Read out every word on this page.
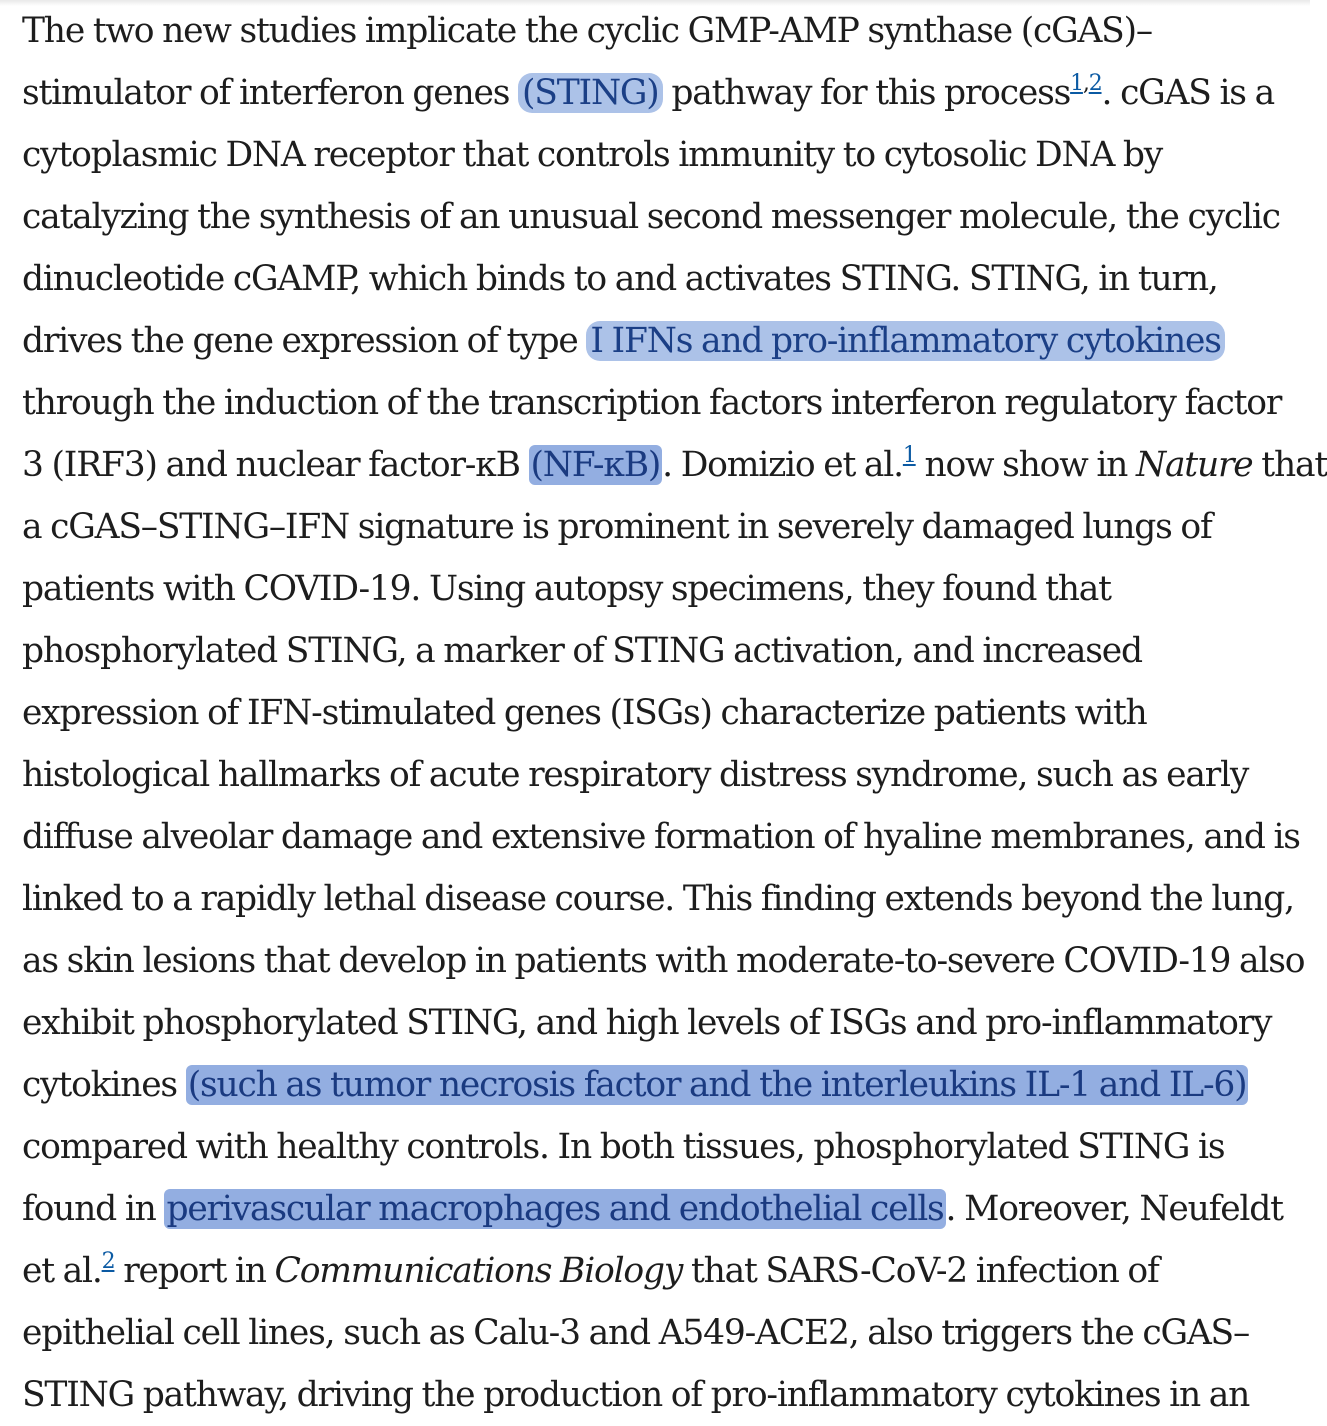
The two new studies implicate the cyclic GMP-AMP synthase (cGAS)–
stimulator of interferon genes (STING) pathway for this process$^{1,2}$. cGAS is a
cytoplasmic DNA receptor that controls immunity to cytosolic DNA by
catalyzing the synthesis of an unusual second messenger molecule, the cyclic
dinucleotide cGAMP, which binds to and activates STING. STING, in turn,
drives the gene expression of type I IFNs and pro-inflammatory cytokines
through the induction of the transcription factors interferon regulatory factor
3 (IRF3) and nuclear factor-κB (NF-κB). Domizio et al.$^1$ now show in Nature that
a cGAS–STING–IFN signature is prominent in severely damaged lungs of
patients with COVID-19. Using autopsy specimens, they found that
phosphorylated STING, a marker of STING activation, and increased
expression of IFN-stimulated genes (ISGs) characterize patients with
histological hallmarks of acute respiratory distress syndrome, such as early
diffuse alveolar damage and extensive formation of hyaline membranes, and is
linked to a rapidly lethal disease course. This finding extends beyond the lung,
as skin lesions that develop in patients with moderate-to-severe COVID-19 also
exhibit phosphorylated STING, and high levels of ISGs and pro-inflammatory
cytokines (such as tumor necrosis factor and the interleukins IL-1 and IL-6)
compared with healthy controls. In both tissues, phosphorylated STING is
found in perivascular macrophages and endothelial cells. Moreover, Neufeldt
et al.$^2$ report in Communications Biology that SARS-CoV-2 infection of
epithelial cell lines, such as Calu-3 and A549-ACE2, also triggers the cGAS–
STING pathway, driving the production of pro-inflammatory cytokines in an
